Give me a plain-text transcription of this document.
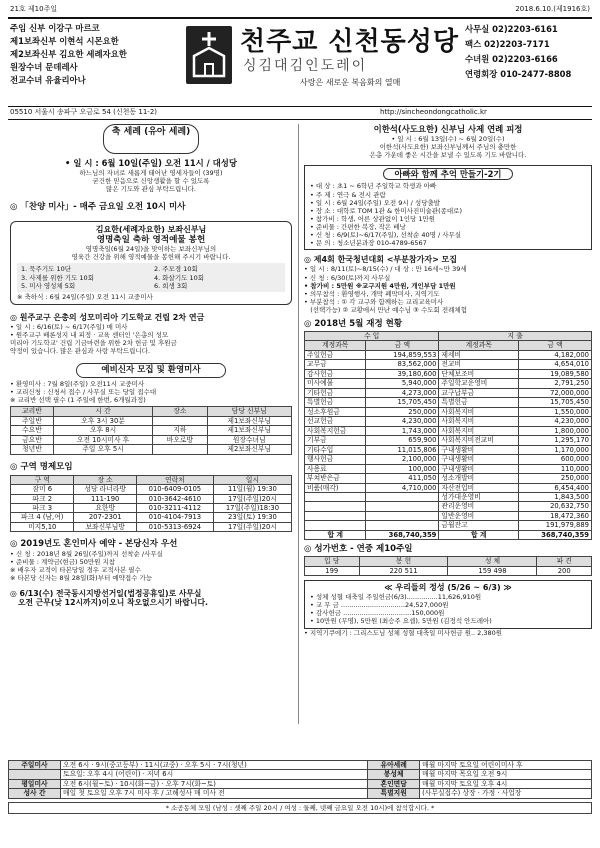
21호 제10주일	2018.6.10.(제1916호)
주임 신부 이강구 마르코
제1보좌신부 이현석 시몬요한
제2보좌신부 김요한 세례자요한
원장수녀 문데레사
전교수녀 유율리아나
천주교 신천동성당
싱김대김인도레이
사랑은 새로운 복음화의 열매
사무실 02)2203-6161
팩스 02)2203-7171
수녀원 02)2203-6166
연령회장 010-2477-8808
05510 서울시 송파구 오금로 54 (신천동 11-2)	http://sincheondongcatholic.kr
축 세례 (유아 세례)
• 일 시 : 6월 10일(주일) 오전 11시 / 대성당
하느님의 자녀로 새롭게 태어난 영세자들이 (39명)
굳건한 믿음으로 신앙생활을 할 수 있도록
많은 기도와 관심 부탁드립니다.
◎ 「찬양 미사」- 매주 금요일 오전 10시 미사
김요한(세례자요한) 보좌신부님
영명축일 축하 영적예물 봉헌
영명축일(6월 24일)을 맞이하는 보좌신부님의
영육간 건강을 위해 영적예물을 봉헌해 주시기 바랍니다.
1. 묵주기도 10단	2. 주모경 10회
3. 사제를 위한 기도 10회	4. 화살기도 10회
5. 미사 영성체 5회	6. 희생 3회
※ 축하식 : 6월 24일(주일) 오전 11시 교중미사
◎ 원주교구 은총의 성모미리아 기도학교 건립 2차 연금
• 일 시 : 6/16(토) ~ 6/17(주일) 매 미사
• 원주교구 배론성지 내 피정 · 교육 센터인 '은총의 성모
미리아 기도학교' 건립 기금마련을 위한 2차 헌금 및 후원금
약정이 있습니다. 많은 관심과 사랑 부탁드립니다.
예비신자 모집 및 환영미사
• 환영미사 : 7월 8일(주일) 오전11시 교중미사
• 교리신청 : 신청서 접수 / 사무실 또는 당일 접수대
※ 교리반 선택 필수 (1 주일에 한번, 6개월과정)
교리반	시 간	장소	담당 신부님
주일반	오후 3시 30분		제1보좌신부님
수요반	오후 8시	지하	제1보좌신부님
금요반	오전 10시미사 후	바오로방	원장수녀님
청년반	주일 오후 5시		제2보좌신부님
◎ 구역 명제모임
구 역	장 소	연락처	일시
잠미 6	성당 라너라방	010-6409-0105	11일(월) 19:30
파크 2	111-190	010-3642-4610	17일(주일)20시
파크 3	요한방	010-3211-4112	17일(주일)18:30
파크 4 (남,여)	207-2301	010-4104-7913	23일(토) 19:30
미지5,10	보좌신부님방	010-5313-6924	17일(주일)20시
◎ 2019년도 혼인미사 예약 - 본당신자 우선
• 신 청 : 2018년 8월 26일(주일)까지 선착순 /사무실
• 준비물 : 계약금(현금) 50만원 지참
※ 배우자 교적이 타본당일 경우 교적사본 필수
※ 타본당 신자는 8월 28일(화)부터 예약접수 가능
◎ 6/13(수) 전국동시지방선거일(법정공휴일)로 사무실
오전 근무(낮 12시까지)이오니 착오없으시기 바랍니다.
이한석(사도요한) 신부님 사제 연례 피정
• 일 시 : 6월 13일(수) ~ 6월 20일(수)
이한석(사도요한) 보좌신부님께서 주님의 충만한
은총 가운데 좋은 시간을 보낼 수 있도록 기도 바랍니다.
아빠와 함께 추억 만들기-2기
• 대 상 : 초1 ~ 6학년 주일학교 학생과 아빠
• 주 제 : 연극 & 전시 관람
• 일 시 : 6월 24일(주일) 오전 9시 / 성당출발
• 장 소 : 대학로 TOM 1관 & 한미사진미술관(종대로)
• 참가비 : 학생, 어른 상관없이 1인당 1만원
• 준비물 : 간편한 복장, 작은 배낭
• 신 청 : 6/9(토)~6/17(주일), 선착순 40명 / 사무실
• 문 의 : 청소년분과장 010-4789-6567
◎ 제4회 한국청년대회 <부분참가자> 모집
• 일 시 : 8/11(토)~8/15(수) / 대 상 : 만 16세~만 39세
• 신 청 : 6/30(토)까지 사무실
• 참가비 : 5만원 ※교구지원 4만원, 개인부담 1만원
• 의무참석 : 환영행사, 개막 폐막미사, 지역기도
• 부분참석 : ① 각 교구와 함께하는 교리교육미사
(선택가능) ② 교황에서 만난 예수님 ③ 수도회 전례체험
◎ 2018년 5월 재정 현황
수 입		지 출	
계정과목	금 액	계정과목	금 액
주일헌금	194,859,553	제세비	4,182,000
교무금	83,562,000	전교비	4,654,010
감사헌금	39,180,600	단체보조비	19,089,580
미사예물	5,940,000	주일학교운영비	2,791,250
기타헌금	4,273,000	교구납부금	72,000,000
특별헌금	15,705,450	특별헌금	15,705,450
성소후원금	250,000	사회복지비	1,550,000
선교헌금	4,230,000	사회복지비	4,230,000
사회복지헌금	1,743,000	사회복지비	1,800,000
기부금	659,900	사회복지비전교비	1,295,170
기타수입	11,015,806	구내생활비	1,170,000
행사헌금	2,100,000	구내생활비	600,000
사용료	100,000	구내생활비	110,000
부쳐받은금	411,050	성소개발비	250,000
비품(매각)	4,710,000	자산전입비	6,454,400
		성가대운영비	1,843,500
		관리운영비	20,632,750
		일반운영비	18,472,360
		금월잔고	191,979,889
합 계	368,740,359	합 계	368,740,359
◎ 성가번호 - 연중 제10주일
입 당	봉 헌	성 체	파 견
199	220 511	159 498	200
≪ 우리들의 정성 (5/26 ~ 6/3) ≫
• 성체 성혈 대축일 주일헌금(6/3)...............11,626,910원
• 교 무 금 ...............................24,527,000원
• 감사헌금 .................................150,000원
• 10만원 (무명), 5만원 (최승주 요셉), 5만원 (김정석 안드레아)
• 지역기쿠에기 : 그리스도님 성체 성혈 대축일 미사헌금 원.. 2,380원
주일미사	오전 6시 · 9시(중고등부) · 11시(교중) · 오후 5시 · 7시(청년)	유아세례	매월 마지막 토요일 어린이미사 후
	토요일: 오후 4시 (어린이) · 저녁 6시	봉성체	매월 마지막 목요일 오전 9시
평일미사	오전 6시(월~토) · 10시(화~금) · 오후 7시(화~토)	혼인면담	매월 마지막 토요일 오후 4시
성사 간	매일 첫 토요일 오후 7시 미사 후 / 고해성사 매 미사 전	특별지원	(사무실접수) 상장 · 가정 · 사업장
* 소공동체 모임 (남성 : 셋째 주일 20시 / 여성 : 둘째, 넷째 금요일 오전 10시)에 참석합시다. *
